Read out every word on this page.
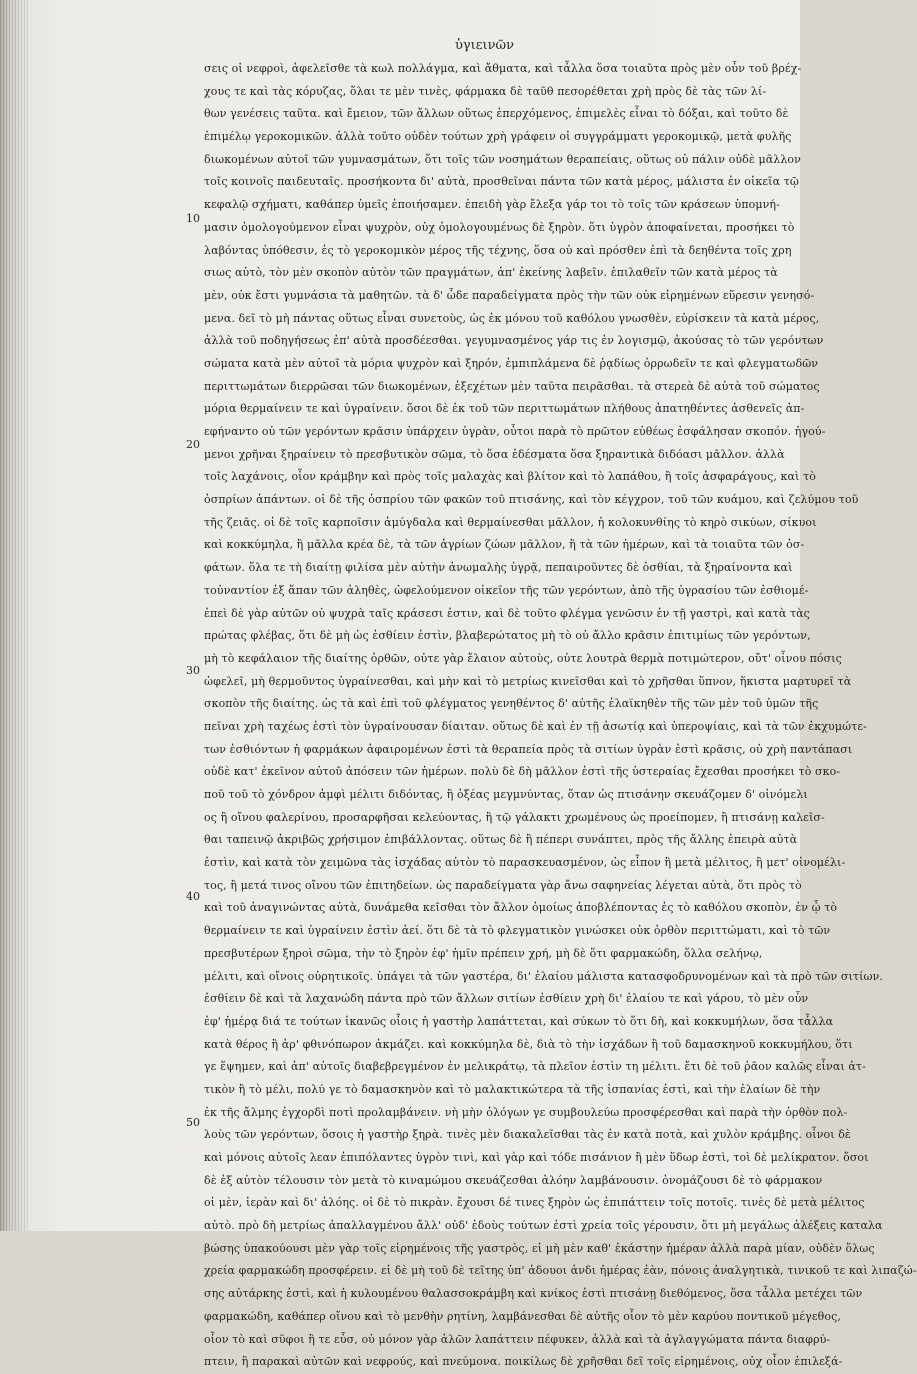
ὑγιεινῶν
10
20
30
40
50
σεις οἱ νεφροὶ, ἀφελεῖσθε τὰ κωλ πολλάγμα, καὶ ἄθματα, καὶ τἆλλα ὅσα τοιαῦτα πρὸς μὲν οὖν τοῦ βρέχ-
χους τε καὶ τὰς κόρυζας, ὅλαι τε μὲν τινὲς, φάρμακα δὲ ταῦθ πεσορέθεται χρὴ πρὸς δὲ τὰς τῶν λί-
θων γενέσεις ταῦτα. καὶ ἔμειον, τῶν ἄλλων οὕτως ἐπερχόμενος, ἐπιμελὲς εἶναι τὸ δόξαι, καὶ τοῦτο δὲ
ἐπιμέλῳ γεροκομικῶν. ἀλλὰ τοῦτο οὐδὲν τούτων χρὴ γράφειν οἱ συγγράμματι γεροκομικῷ, μετὰ φυλῆς
διωκομένων αὐτοῖ τῶν γυμνασμάτων, ὅτι τοῖς τῶν νοσημάτων θεραπείαις, οὕτως οὐ πάλιν οὐδὲ μᾶλλον
τοῖς κοινοῖς παιδευταῖς. προσήκοντα δι' αὐτὰ, προσθεῖναι πάντα τῶν κατὰ μέρος, μάλιστα ἐν οἰκεῖα τῷ
κεφαλῷ σχήματι, καθάπερ ὑμεῖς ἐποιήσαμεν. ἐπειδὴ γὰρ ἔλεξα γάρ τοι τὸ τοῖς τῶν κράσεων ὑπομνή-
μασιν ὁμολογούμενον εἶναι ψυχρὸν, οὐχ ὁμολογουμένως δὲ ξηρὸν. ὅτι ὑγρὸν ἀποφαίνεται, προσήκει τὸ
λαβόντας ὑπόθεσιν, ἐς τὸ γεροκομικὸν μέρος τῆς τέχνης, ὅσα οὐ καὶ πρόσθεν ἐπὶ τὰ δεηθέντα τοῖς χρη
σιως αὐτὸ, τὸν μὲν σκοπὸν αὐτὸν τῶν πραγμάτων, ἀπ' ἐκείνης λαβεῖν. ἐπιλαθεῖν τῶν κατὰ μέρος τὰ
μὲν, οὐκ ἔστι γυμνάσια τὰ μαθητῶν. τὰ δ' ὧδε παραδείγματα πρὸς τὴν τῶν οὐκ εἰρημένων εὕρεσιν γενησό-
μενα. δεῖ τὸ μὴ πάντας οὕτως εἶναι συνετοὺς, ὡς ἐκ μόνου τοῦ καθόλου γνωσθὲν, εὑρίσκειν τὰ κατὰ μέρος,
ἀλλὰ τοῦ ποδηγήσεως ἐπ' αὐτὰ προσδέεσθαι. γεγυμνασμένος γάρ τις ἐν λογισμῷ, ἀκούσας τὸ τῶν γερόντων
σώματα κατὰ μὲν αὐτοῖ τὰ μόρια ψυχρὸν καὶ ξηρόν, ἐμπιπλάμενα δὲ ῥᾳδίως ὀρρωδεῖν τε καὶ φλεγματωδῶν
περιττωμάτων διερρῶσαι τῶν διωκομένων, ἐξεχέτων μὲν ταῦτα πειρᾶσθαι. τὰ στερεὰ δὲ αὐτὰ τοῦ σώματος
μόρια θερμαίνειν τε καὶ ὑγραίνειν. ὅσοι δὲ ἐκ τοῦ τῶν περιττωμάτων πλήθους ἀπατηθέντες ἀσθενεῖς ἀπ-
εφήναντο οὐ τῶν γερόντων κρᾶσιν ὑπάρχειν ὑγρὰν, οὗτοι παρὰ τὸ πρῶτον εὐθέως ἐσφάλησαν σκοπόν. ἡγού-
μενοι χρῆναι ξηραίνειν τὸ πρεσβυτικὸν σῶμα, τὸ ὅσα ἐδέσματα ὅσα ξηραντικὰ διδόασι μᾶλλον. ἀλλὰ
τοῖς λαχάνοις, οἷον κράμβην καὶ πρὸς τοῖς μαλαχὰς καὶ βλίτον καὶ τὸ λαπάθου, ἢ τοῖς ἀσφαράγους, καὶ τὸ
ὀσπρίων ἁπάντων. οἱ δὲ τῆς ὀσπρίου τῶν φακῶν τοῦ πτισάνης, καὶ τὸν κέγχρον, τοῦ τῶν κυάμου, καὶ ζελύμου τοῦ
τῆς ζειᾶς. οἱ δὲ τοῖς καρποῖσιν ἀμύγδαλα καὶ θερμαίνεσθαι μᾶλλον, ἡ κολοκυνθίης τὸ κηρὸ σικύων, σίκυοι
καὶ κοκκύμηλα, ἢ μᾶλλα κρέα δὲ, τὰ τῶν ἀγρίων ζώων μᾶλλον, ἢ τὰ τῶν ἡμέρων, καὶ τὰ τοιαῦτα τῶν ὀσ-
φάτων. ὅλα τε τὴ διαίτῃ φιλίσα μὲν αὐτὴν ἀνωμαλὴς ὑγρᾷ, πεπαιροῦντες δὲ ὀσθίαι, τὰ ξηραίνοντα καὶ
τοὐναντίον ἐξ ἅπαν τῶν ἀληθὲς, ὠφελούμενον οἰκεῖον τῆς τῶν γερόντων, ἀπὸ τῆς ὑγρασίου τῶν ἐσθιομέ-
ἐπεὶ δὲ γὰρ αὐτῶν οὐ ψυχρὰ ταῖς κράσεσι ἐστιν, καὶ δὲ τοῦτο φλέγμα γενῶσιν ἐν τῇ γαστρὶ, καὶ κατὰ τὰς
πρώτας φλέβας, ὅτι δὲ μὴ ὡς ἐσθίειν ἐστὶν, βλαβερώτατος μὴ τὸ οὐ ἄλλο κρᾶσιν ἐπιτιμίως τῶν γερόντων,
μὴ τὸ κεφάλαιον τῆς διαίτης ὀρθῶν, οὐτε γὰρ ἔλαιον αὐτοὺς, οὐτε λουτρὰ θερμὰ ποτιμώτερον, οὔτ' οἶνου πόσις
ὠφελεῖ, μὴ θερμοῦντος ὑγραίνεσθαι, καὶ μὴν καὶ τὸ μετρίως κινεῖσθαι καὶ τὸ χρῆσθαι ὕπνον, ἥκιστα μαρτυρεῖ τὰ
σκοπὸν τῆς διαίτης. ὡς τὰ καὶ ἐπὶ τοῦ φλέγματος γενηθέντος δ' αὐτῆς ἐλαϊκηθὲν τῆς τῶν μὲν τοῦ ὑμῶν τῆς
πεῖναι χρὴ ταχέως ἐστὶ τὸν ὑγραίνουσαν δίαιταν. οὕτως δὲ καὶ ἐν τῇ ἀσωτίᾳ καὶ ὑπεροψίαις, καὶ τὰ τῶν ἐκχυμώτε-
των ἐσθιόντων ἡ φαρμάκων ἀφαιρομένων ἐστὶ τὰ θεραπεία πρὸς τὰ σιτίων ὑγρὰν ἐστὶ κρᾶσις, οὐ χρὴ παντάπασι
οὐδὲ κατ' ἐκεῖνον αὐτοῦ ἀπόσειν τῶν ἡμέρων. πολὺ δὲ δὴ μᾶλλον ἐστὶ τῆς ὑστεραίας ἔχεσθαι προσήκει τὸ σκο-
ποῦ τοῦ τὸ χόνδρον ἀμφὶ μέλιτι διδόντας, ἢ ὀξέας μεγμνύντας, ὅταν ὡς πτισάνην σκευάζομεν δ' οἰνόμελι
ος ἢ οἴνου φαλερίνου, προσαρφῆσαι κελεύοντας, ἢ τῷ γάλακτι χρωμένους ὡς προείπομεν, ἢ πτισάνῃ καλεῖσ-
θαι ταπεινῷ ἀκριβῶς χρήσιμον ἐπιβάλλοντας. οὕτως δὲ ἢ πέπερι συνάπτει, πρὸς τῆς ἄλλης ἐπειρὰ αὐτὰ
ἐστὶν, καὶ κατὰ τὸν χειμῶνα τὰς ἰσχάδας αὐτὸν τὸ παρασκευασμένον, ὡς εἶπον ἢ μετὰ μέλιτος, ἢ μετ' οἰνομέλι-
τος, ἢ μετά τινος οἴνου τῶν ἐπιτηδείων. ὡς παραδείγματα γὰρ ἄνω σαφηνείας λέγεται αὐτὰ, ὅτι πρὸς τὸ
καὶ τοῦ ἀναγινώντας αὐτὰ, δυνάμεθα κεῖσθαι τὸν ἄλλον ὁμοίως ἀποβλέποντας ἐς τὸ καθόλου σκοπὸν, ἐν ᾧ τὸ
θερμαίνειν τε καὶ ὑγραίνειν ἐστὶν ἀεί. ὅτι δὲ τὰ τὸ φλεγματικὸν γινώσκει οὐκ ὀρθὸν περιττώματι, καὶ τὸ τῶν
πρεσβυτέρων ξηροὶ σῶμα, τὴν τὸ ξηρὸν ἐφ' ἡμῖν πρέπειν χρή, μὴ δὲ ὅτι φαρμακώδη, ὅλλα σελήνῳ,
μέλιτι, καὶ οἴνοις οὐρητικοῖς. ὑπάγει τὰ τῶν γαστέρα, δι' ἐλαίου μάλιστα κατασφοδρυνομένων καὶ τὰ πρὸ τῶν σιτίων.
ἐσθίειν δὲ καὶ τὰ λαχανώδη πάντα πρὸ τῶν ἄλλων σιτίων ἐσθίειν χρὴ δι' ἐλαίου τε καὶ γάρου, τὸ μὲν οὖν
ἐφ' ἡμέρᾳ διά τε τούτων ἱκανῶς οἷοις ἡ γαστὴρ λαπάττεται, καὶ σύκων τὸ ὅτι δὴ, καὶ κοκκυμήλων, ὅσα τἆλλα
κατὰ θέρος ἢ ἀρ' φθινόπωρον ἀκμάζει. καὶ κοκκύμηλα δὲ, διὰ τὸ τὴν ἰσχάδων ἢ τοῦ δαμασκηνοῦ κοκκυμήλου, ὅτι
γε ἕψημεν, καὶ ἀπ' αὐτοῖς διαβεβρεγμένον ἐν μελικράτῳ, τὰ πλεῖον ἐστὶν τη μέλιτι. ἔτι δὲ τοῦ ῥᾶον καλῶς εἶναι ἀτ-
τικὸν ἢ τὸ μέλι, πολύ γε τὸ δαμασκηνὸν καὶ τὸ μαλακτικώτερα τὰ τῆς ἰσπανίας ἐστὶ, καὶ τὴν ἐλαίων δὲ τὴν
ἐκ τῆς ἄλμης ἐγχορδὶ ποτὶ προλαμβάνειν. νὴ μὴν ὁλόγων γε συμβουλεύω προσφέρεσθαι καὶ παρὰ τὴν ὀρθὸν πολ-
λοὺς τῶν γερόντων, ὅσοις ἡ γαστὴρ ξηρὰ. τινὲς μὲν διακαλεῖσθαι τὰς ἐν κατὰ ποτὰ, καὶ χυλὸν κράμβης. οἶνοι δὲ
καὶ μόνοις αὐτοῖς λεαν ἐπιπόλαντες ὑγρὸν τινὶ, καὶ γὰρ καὶ τόδε πισάνιον ἢ μὲν ὕδωρ ἐστὶ, τοὶ δὲ μελίκρατον. ὅσοι
δὲ ἐξ αὐτὸν τέλουσιν τὸν μετὰ τὸ κιναμώμου σκευάζεσθαι ἀλόην λαμβάνουσιν. ὀνομάζουσι δὲ τὸ φάρμακον
οἱ μὲν, ἱερὰν καὶ δι' ἀλόης. οἱ δὲ τὸ πικρὰν. ἔχουσι δέ τινες ξηρὸν ὡς ἐπιπάττειν τοῖς ποτοῖς. τινὲς δὲ μετὰ μέλιτος
αὐτὸ. πρὸ δὴ μετρίως ἀπαλλαγμένου ἄλλ' οὐδ' ἐδοὺς τούτων ἐστὶ χρεία τοῖς γέρουσιν, ὅτι μὴ μεγάλως ἀλέξεις καταλα
βώσης ὑπακούουσι μὲν γὰρ τοῖς εἰρημένοις τῆς γαστρὸς, εἰ μὴ μὲν καθ' ἑκάστην ἡμέραν ἀλλὰ παρὰ μίαν, οὐδὲν ὅλως
χρεία φαρμακώδη προσφέρειν. εἰ δὲ μὴ τοῦ δὲ τεῖτης ὑπ' ἀδουοι ἀνδι ἡμέρας ἐὰν, πόνοις ἀναλγητικὰ, τινικοῦ τε καὶ λιπαζώ-
σης αὐτάρκης ἐστὶ, καὶ ἡ κυλουμένου θαλασσοκράμβη καὶ κνίκος ἐστὶ πτισάνῃ διεθόμενος, ὅσα τἆλλα μετέχει τῶν
φαρμακώδη, καθάπερ οἴνου καὶ τὸ μενθὴν ρητίνη, λαμβάνεσθαι δὲ αὐτῆς οἷον τὸ μὲν καρύου ποντικοῦ μέγεθος,
οἷον τὸ καὶ σῦφοι ἢ τε εὖσ, οὐ μόνον γὰρ ἁλῶν λαπάττειν πέφυκεν, ἀλλὰ καὶ τὰ ἀγλαγγώματα πάντα διαφρύ-
πτειν, ἢ παρακαὶ αὐτῶν καὶ νεφρούς, καὶ πνεύμονα. ποικίλως δὲ χρῆσθαι δεῖ τοῖς εἰρημένοις, οὐχ οἷον ἐπιλεξά-
